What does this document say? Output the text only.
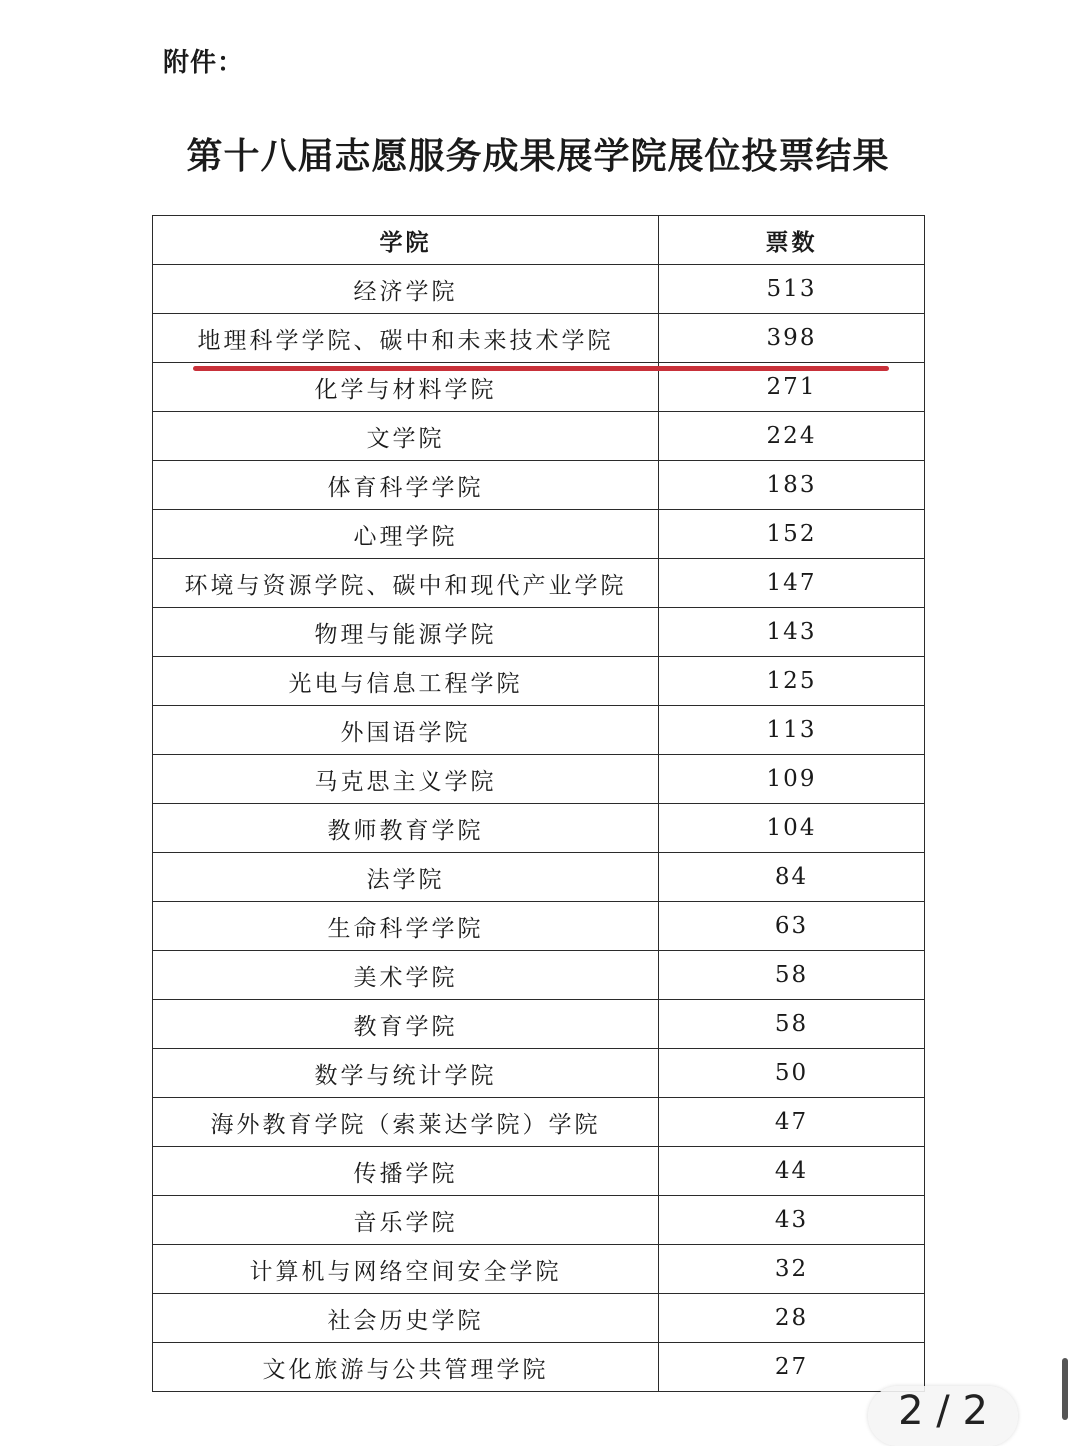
附件：
第十八届志愿服务成果展学院展位投票结果
学院	票数
经济学院	513
地理科学学院、碳中和未来技术学院	398
化学与材料学院	271
文学院	224
体育科学学院	183
心理学院	152
环境与资源学院、碳中和现代产业学院	147
物理与能源学院	143
光电与信息工程学院	125
外国语学院	113
马克思主义学院	109
教师教育学院	104
法学院	84
生命科学学院	63
美术学院	58
教育学院	58
数学与统计学院	50
海外教育学院（索莱达学院）学院	47
传播学院	44
音乐学院	43
计算机与网络空间安全学院	32
社会历史学院	28
文化旅游与公共管理学院	27
2 / 2
